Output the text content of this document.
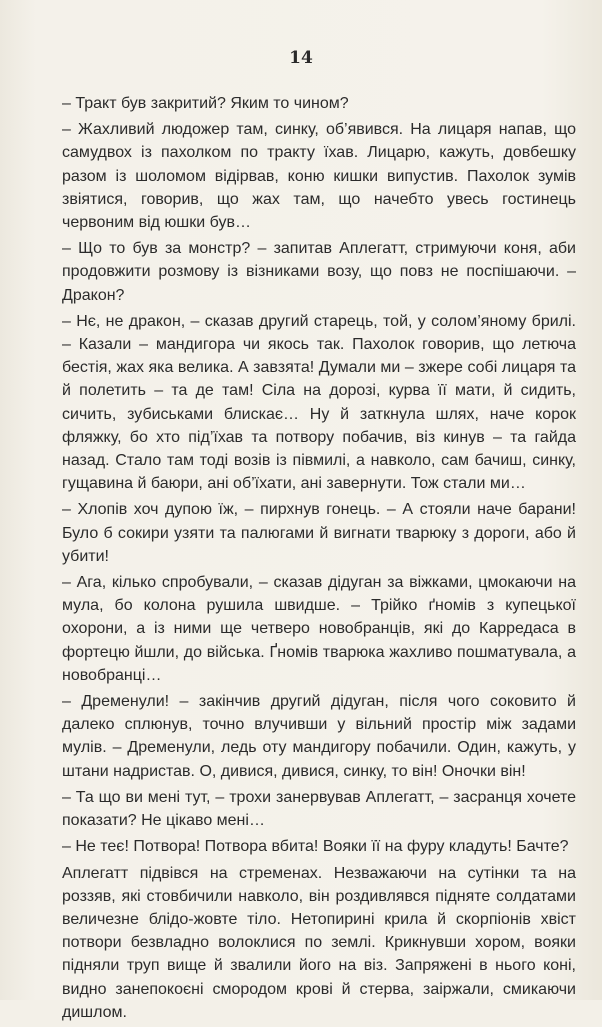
14

– Тракт був закритий? Яким то чином?

– Жахливий людожер там, синку, об’явився. На лицаря напав, що самудвох із пахолком по тракту їхав. Лицарю, кажуть, довбешку разом із шоломом відірвав, коню кишки випустив. Пахолок зумів звіятися, говорив, що жах там, що начебто увесь гостинець червоним від юшки був…

– Що то був за монстр? – запитав Аплегатт, стримуючи коня, аби продовжити розмову із візниками возу, що повз не поспішаючи. – Дракон?

– Нє, не дракон, – сказав другий старець, той, у солом’яному брилі. – Казали – мандигора чи якось так. Пахолок говорив, що летюча бестія, жах яка велика. А завзята! Думали ми – зжере собі лицаря та й полетить – та де там! Сіла на дорозі, курва її мати, й сидить, сичить, зубиськами блискає… Ну й заткнула шлях, наче корок фляжку, бо хто під’їхав та потвору побачив, віз кинув – та гайда назад. Стало там тоді возів із півмилі, а навколо, сам бачиш, синку, гущавина й баюри, ані об’їхати, ані завернути. Тож стали ми…

– Хлопів хоч дупою їж, – пирхнув гонець. – А стояли наче барани! Було б сокири узяти та палюгами й вигнати тварюку з дороги, або й убити!

– Ага, кілько спробували, – сказав дідуган за віжками, цмокаючи на мула, бо колона рушила швидше. – Трійко ґномів з купецької охорони, а із ними ще четверо новобранців, які до Карредаса в фортецю йшли, до війська. Ґномів тварюка жахливо пошматувала, а новобранці…

– Дременули! – закінчив другий дідуган, після чого соковито й далеко сплюнув, точно влучивши у вільний простір між задами мулів. – Дременули, ледь оту мандигору побачили. Один, кажуть, у штани надристав. О, дивися, дивися, синку, то він! Оночки він!

– Та що ви мені тут, – трохи занервував Аплегатт, – засранця хочете показати? Не цікаво мені…

– Не теє! Потвора! Потвора вбита! Вояки її на фуру кладуть! Бачте?

Аплегатт підвівся на стременах. Незважаючи на сутінки та на роззяв, які стовбичили навколо, він роздивлявся підняте солдатами величезне блідо-жовте тіло. Нетопирині крила й скорпіонів хвіст потвори безвладно волоклися по землі. Крикнувши хором, вояки підняли труп вище й звалили його на віз. Запряжені в нього коні, видно занепокоєні смородом крові й стерва, заіржали, смикаючи дишлом.
